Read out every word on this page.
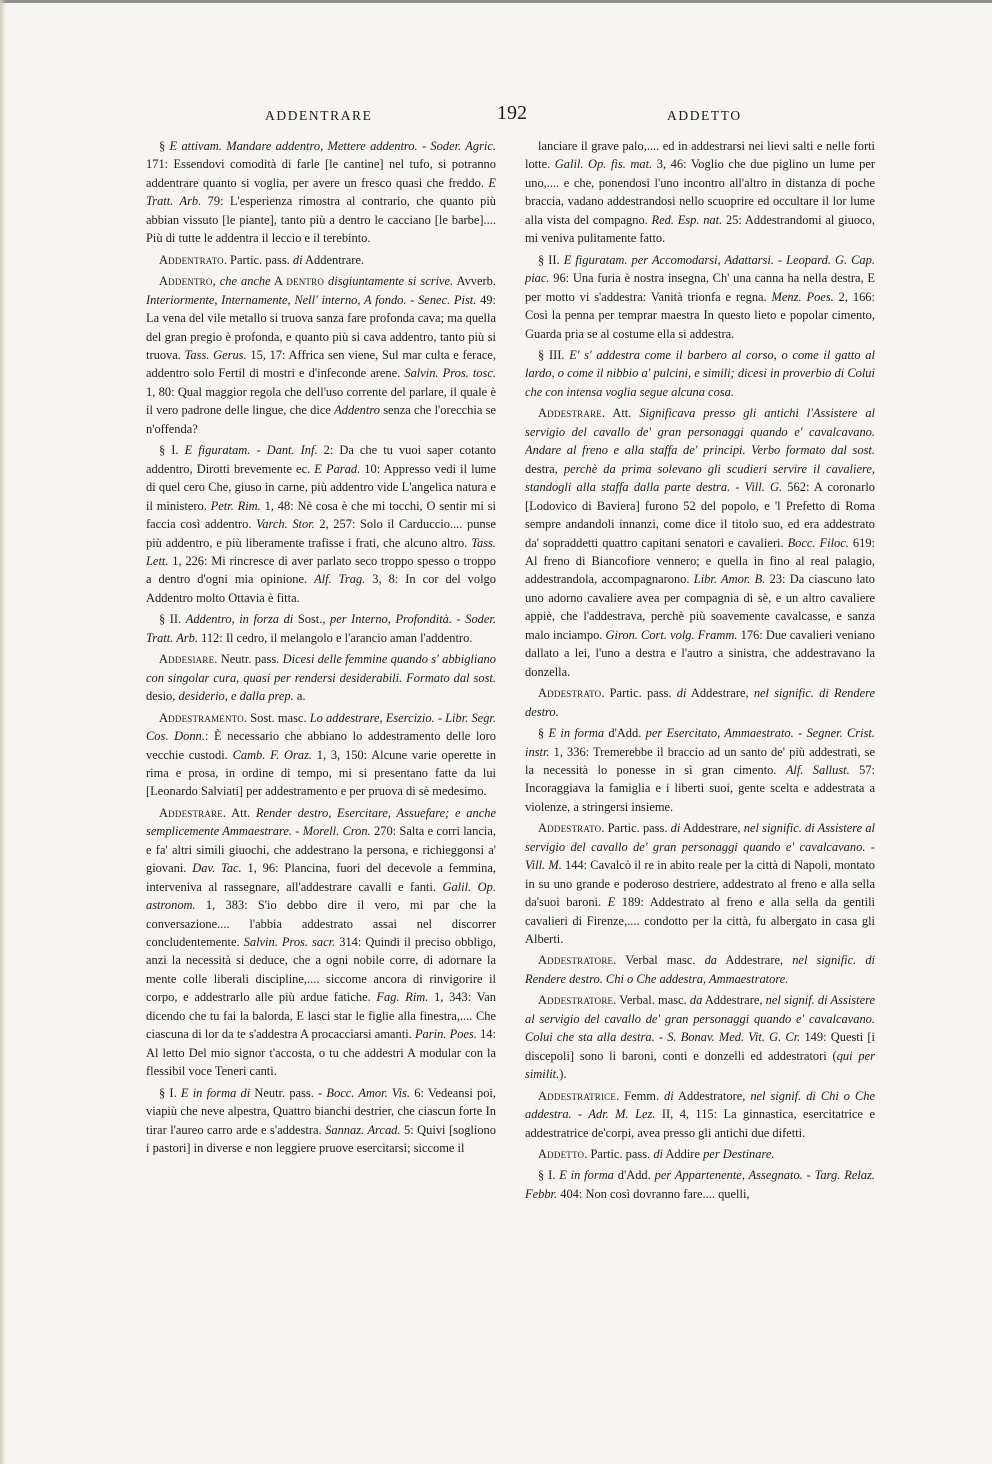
ADDENTRARE	192	ADDETTO

§ E attivam. Mandare addentro, Mettere addentro. - Soder. Agric. 171: Essendovi comodità di farle [le cantine] nel tufo, si potranno addentrare quanto si voglia, per avere un fresco quasi che freddo. E Tratt. Arb. 79: L'esperienza rimostra al contrario, che quanto più abbian vissuto [le piante], tanto più a dentro le cacciano [le barbe].... Più di tutte le addentra il leccio e il terebinto.

Addentrato. Partic. pass. di Addentrare.

Addentro, che anche A dentro disgiuntamente si scrive. Avverb. Interiormente, Internamente, Nell' interno, A fondo. - Senec. Pist. 49: La vena del vile metallo si truova sanza fare profonda cava; ma quella del gran pregio è profonda, e quanto più si cava addentro, tanto più si truova. Tass. Gerus. 15, 17: Affrica sen viene, Sul mar culta e ferace, addentro solo Fertil di mostri e d'infeconde arene. Salvin. Pros. tosc. 1, 80: Qual maggior regola che dell'uso corrente del parlare, il quale è il vero padrone delle lingue, che dice Addentro senza che l'orecchia se n'offenda?

§ I. E figuratam. - Dant. Inf. 2: Da che tu vuoi saper cotanto addentro, Dirotti brevemente ec. E Parad. 10: Appresso vedi il lume di quel cero Che, giuso in carne, più addentro vide L'angelica natura e il ministero. Petr. Rim. 1, 48: Nè cosa è che mi tocchi, O sentir mi si faccia così addentro. Varch. Stor. 2, 257: Solo il Carduccio.... punse più addentro, e più liberamente trafisse i frati, che alcuno altro. Tass. Lett. 1, 226: Mi rincresce di aver parlato seco troppo spesso o troppo a dentro d'ogni mia opinione. Alf. Trag. 3, 8: In cor del volgo Addentro molto Ottavia è fitta.

§ II. Addentro, in forza di Sost., per Interno, Profondità. - Soder. Tratt. Arb. 112: Il cedro, il melangolo e l'arancio aman l'addentro.

Addesiare. Neutr. pass. Dicesi delle femmine quando s' abbigliano con singolar cura, quasi per rendersi desiderabili. Formato dal sost. desio, desiderio, e dalla prep. a.

Addestramento. Sost. masc. Lo addestrare, Esercizio. - Libr. Segr. Cos. Donn.: È necessario che abbiano lo addestramento delle loro vecchie custodi. Camb. F. Oraz. 1, 3, 150: Alcune varie operette in rima e prosa, in ordine di tempo, mi si presentano fatte da lui [Leonardo Salviati] per addestramento e per pruova di sè medesimo.

Addestrare. Att. Render destro, Esercitare, Assuefare; e anche semplicemente Ammaestrare. - Morell. Cron. 270: Salta e corri lancia, e fa' altri simili giuochi, che addestrano la persona, e richieggonsi a' giovani. Dav. Tac. 1, 96: Plancina, fuori del decevole a femmina, interveniva al rassegnare, all'addestrare cavalli e fanti. Galil. Op. astronom. 1, 383: S'io debbo dire il vero, mi par che la conversazione.... l'abbia addestrato assai nel discorrer concludentemente. Salvin. Pros. sacr. 314: Quindi il preciso obbligo, anzi la necessità si deduce, che a ogni nobile corre, di adornare la mente colle liberali discipline,.... siccome ancora di rinvigorire il corpo, e addestrarlo alle più ardue fatiche. Fag. Rim. 1, 343: Van dicendo che tu fai la balorda, E lasci star le figlie alla finestra,.... Che ciascuna di lor da te s'addestra A procacciarsi amanti. Parin. Poes. 14: Al letto Del mio signor t'accosta, o tu che addestri A modular con la flessibil voce Teneri canti.

§ I. E in forma di Neutr. pass. - Bocc. Amor. Vis. 6: Vedeansi poi, viapiù che neve alpestra, Quattro bianchi destrier, che ciascun forte In tirar l'aureo carro arde e s'addestra. Sannaz. Arcad. 5: Quivi [sogliono i pastori] in diverse e non leggiere pruove esercitarsi; siccome il

lanciare il grave palo,.... ed in addestrarsi nei lievi salti e nelle forti lotte. Galil. Op. fis. mat. 3, 46: Voglio che due piglino un lume per uno,.... e che, ponendosi l'uno incontro all'altro in distanza di poche braccia, vadano addestrandosi nello scuoprire ed occultare il lor lume alla vista del compagno. Red. Esp. nat. 25: Addestrandomi al giuoco, mi veniva pulitamente fatto.

§ II. E figuratam. per Accomodarsi, Adattarsi. - Leopard. G. Cap. piac. 96: Una furia è nostra insegna, Ch' una canna ha nella destra, E per motto vi s'addestra: Vanità trionfa e regna. Menz. Poes. 2, 166: Così la penna per temprar maestra In questo lieto e popolar cimento, Guarda pria se al costume ella si addestra.

§ III. E' s' addestra come il barbero al corso, o come il gatto al lardo, o come il nibbio a' pulcini, e simili; dicesi in proverbio di Colui che con intensa voglia segue alcuna cosa.

Addestrare. Att. Significava presso gli antichi l'Assistere al servigio del cavallo de' gran personaggi quando e' cavalcavano. Andare al freno e alla staffa de' principi. Verbo formato dal sost. destra, perchè da prima solevano gli scudieri servire il cavaliere, standogli alla staffa dalla parte destra. - Vill. G. 562: A coronarlo [Lodovico di Baviera] furono 52 del popolo, e 'l Prefetto di Roma sempre andandoli innanzi, come dice il titolo suo, ed era addestrato da' sopraddetti quattro capitani senatori e cavalieri. Bocc. Filoc. 619: Al freno di Biancofiore vennero; e quella in fino al real palagio, addestrandola, accompagnarono. Libr. Amor. B. 23: Da ciascuno lato uno adorno cavaliere avea per compagnia di sè, e un altro cavaliere appiè, che l'addestrava, perchè più soavemente cavalcasse, e sanza malo inciampo. Giron. Cort. volg. Framm. 176: Due cavalieri veniano dallato a lei, l'uno a destra e l'autro a sinistra, che addestravano la donzella.

Addestrato. Partic. pass. di Addestrare, nel signific. di Rendere destro.

§ E in forma d'Add. per Esercitato, Ammaestrato. - Segner. Crist. instr. 1, 336: Tremerebbe il braccio ad un santo de' più addestrati, se la necessità lo ponesse in sì gran cimento. Alf. Sallust. 57: Incoraggiava la famiglia e i liberti suoi, gente scelta e addestrata a violenze, a stringersi insieme.

Addestrato. Partic. pass. di Addestrare, nel signific. di Assistere al servigio del cavallo de' gran personaggi quando e' cavalcavano. - Vill. M. 144: Cavalcò il re in abito reale per la città di Napoli, montato in su uno grande e poderoso destriere, addestrato al freno e alla sella da'suoi baroni. E 189: Addestrato al freno e alla sella da gentili cavalieri di Firenze,.... condotto per la città, fu albergato in casa gli Alberti.

Addestratore. Verbal masc. da Addestrare, nel signific. di Rendere destro. Chi o Che addestra, Ammaestratore.

Addestratore. Verbal. masc. da Addestrare, nel signif. di Assistere al servigio del cavallo de' gran personaggi quando e' cavalcavano. Colui che sta alla destra. - S. Bonav. Med. Vit. G. Cr. 149: Questi [i discepoli] sono li baroni, conti e donzelli ed addestratori (qui per similit.).

Addestratrice. Femm. di Addestratore, nel signif. di Chi o Che addestra. - Adr. M. Lez. II, 4, 115: La ginnastica, esercitatrice e addestratrice de'corpi, avea presso gli antichi due difetti.

Addetto. Partic. pass. di Addire per Destinare.

§ I. E in forma d'Add. per Appartenente, Assegnato. - Targ. Relaz. Febbr. 404: Non così dovranno fare.... quelli,
